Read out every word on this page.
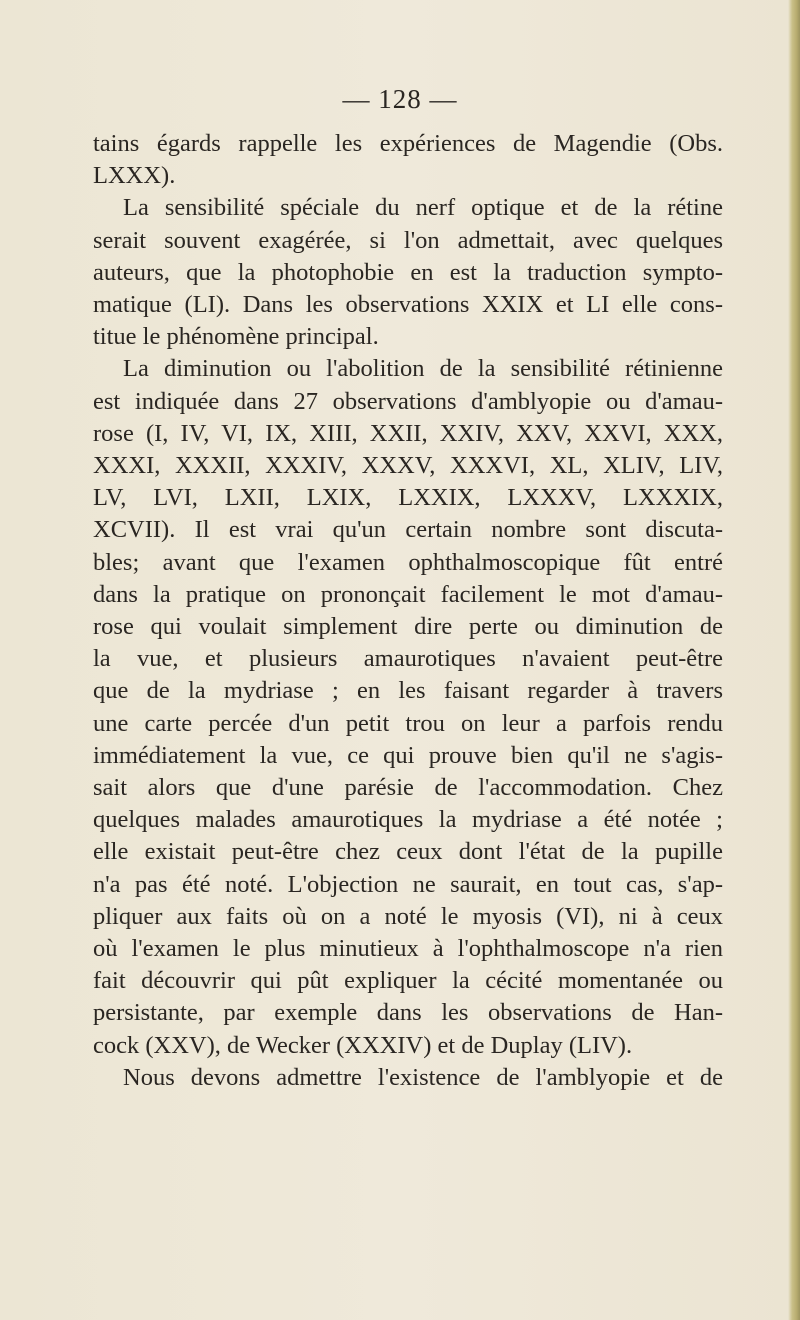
— 128 —
tains égards rappelle les expériences de Magendie (Obs.
LXXX).
La sensibilité spéciale du nerf optique et de la rétine
serait souvent exagérée, si l'on admettait, avec quelques
auteurs, que la photophobie en est la traduction sympto-
matique (LI). Dans les observations XXIX et LI elle cons-
titue le phénomène principal.
La diminution ou l'abolition de la sensibilité rétinienne
est indiquée dans 27 observations d'amblyopie ou d'amau-
rose (I, IV, VI, IX, XIII, XXII, XXIV, XXV, XXVI, XXX,
XXXI, XXXII, XXXIV, XXXV, XXXVI, XL, XLIV, LIV,
LV, LVI, LXII, LXIX, LXXIX, LXXXV, LXXXIX,
XCVII). Il est vrai qu'un certain nombre sont discuta-
bles; avant que l'examen ophthalmoscopique fût entré
dans la pratique on prononçait facilement le mot d'amau-
rose qui voulait simplement dire perte ou diminution de
la vue, et plusieurs amaurotiques n'avaient peut-être
que de la mydriase ; en les faisant regarder à travers
une carte percée d'un petit trou on leur a parfois rendu
immédiatement la vue, ce qui prouve bien qu'il ne s'agis-
sait alors que d'une parésie de l'accommodation. Chez
quelques malades amaurotiques la mydriase a été notée ;
elle existait peut-être chez ceux dont l'état de la pupille
n'a pas été noté. L'objection ne saurait, en tout cas, s'ap-
pliquer aux faits où on a noté le myosis (VI), ni à ceux
où l'examen le plus minutieux à l'ophthalmoscope n'a rien
fait découvrir qui pût expliquer la cécité momentanée ou
persistante, par exemple dans les observations de Han-
cock (XXV), de Wecker (XXXIV) et de Duplay (LIV).
Nous devons admettre l'existence de l'amblyopie et de
